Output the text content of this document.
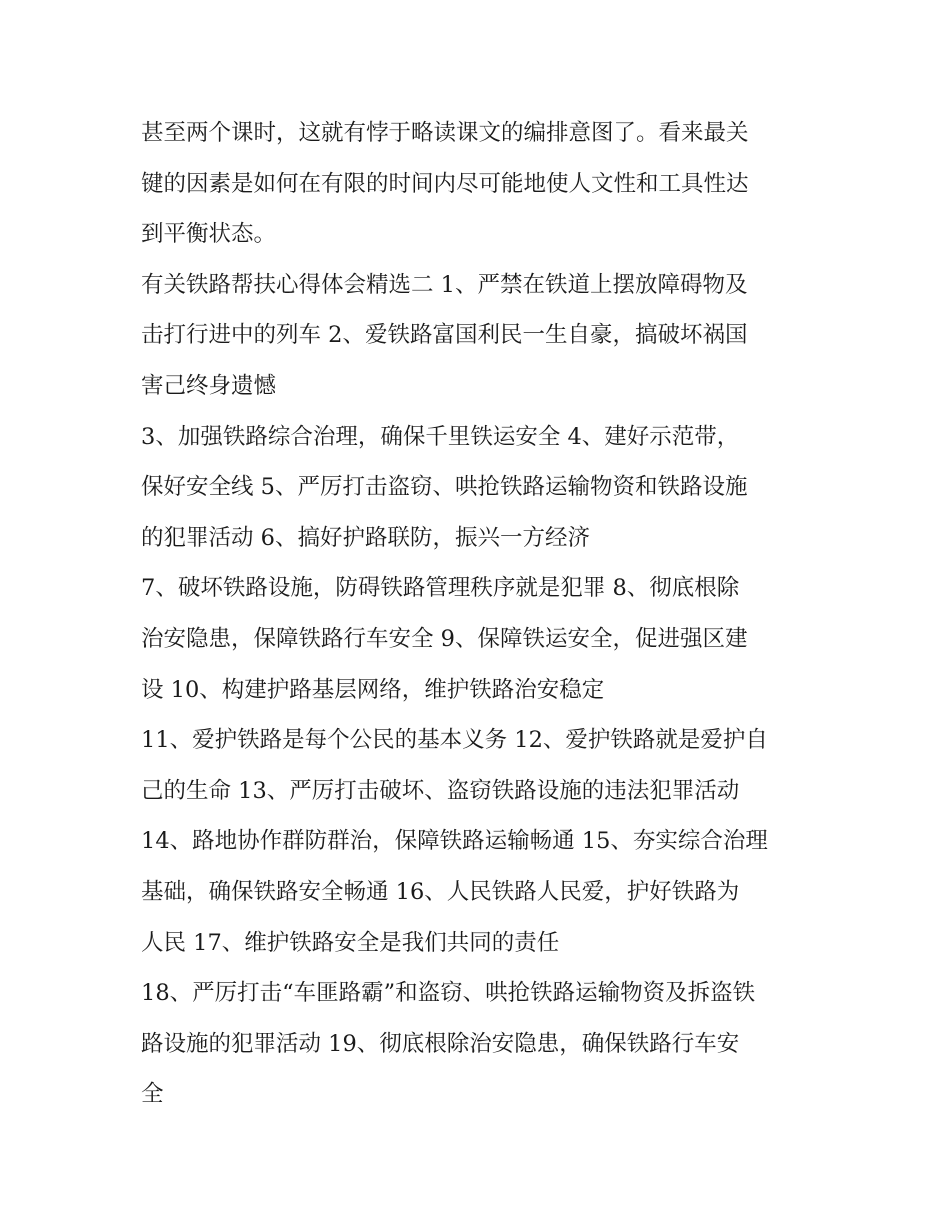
甚至两个课时，这就有悖于略读课文的编排意图了。看来最关
键的因素是如何在有限的时间内尽可能地使人文性和工具性达
到平衡状态。
有关铁路帮扶心得体会精选二 1、严禁在铁道上摆放障碍物及
击打行进中的列车 2、爱铁路富国利民一生自豪，搞破坏祸国
害己终身遗憾
3、加强铁路综合治理，确保千里铁运安全 4、建好示范带，
保好安全线 5、严厉打击盗窃、哄抢铁路运输物资和铁路设施
的犯罪活动 6、搞好护路联防，振兴一方经济
7、破坏铁路设施，防碍铁路管理秩序就是犯罪 8、彻底根除
治安隐患，保障铁路行车安全 9、保障铁运安全，促进强区建
设 10、构建护路基层网络，维护铁路治安稳定
11、爱护铁路是每个公民的基本义务 12、爱护铁路就是爱护自
己的生命 13、严厉打击破坏、盗窃铁路设施的违法犯罪活动
14、路地协作群防群治，保障铁路运输畅通 15、夯实综合治理
基础，确保铁路安全畅通 16、人民铁路人民爱，护好铁路为
人民 17、维护铁路安全是我们共同的责任
18、严厉打击“车匪路霸”和盗窃、哄抢铁路运输物资及拆盗铁
路设施的犯罪活动 19、彻底根除治安隐患，确保铁路行车安
全
